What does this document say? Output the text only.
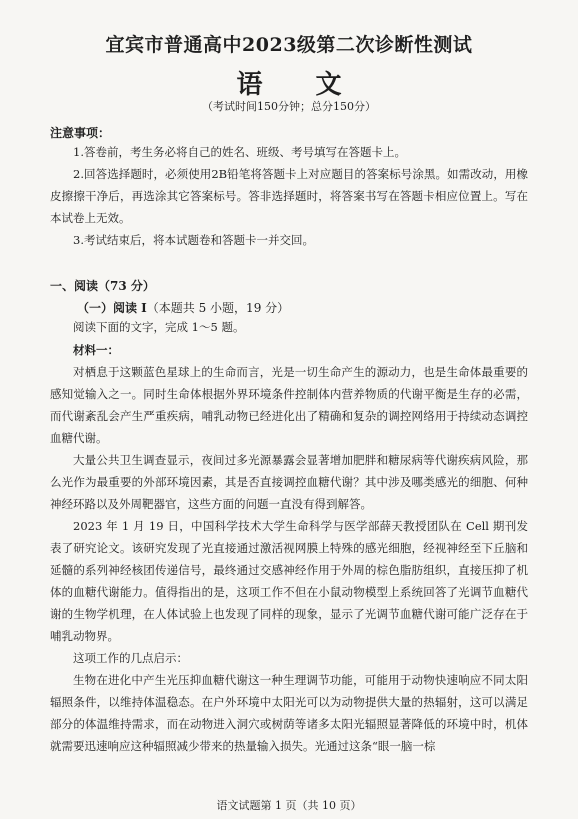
宜宾市普通高中2023级第二次诊断性测试
语 文
（考试时间150分钟；总分150分）
注意事项：
1.答卷前，考生务必将自己的姓名、班级、考号填写在答题卡上。
2.回答选择题时，必须使用2B铅笔将答题卡上对应题目的答案标号涂黑。如需改动，用橡皮擦擦干净后，再选涂其它答案标号。答非选择题时，将答案书写在答题卡相应位置上。写在本试卷上无效。
3.考试结束后，将本试题卷和答题卡一并交回。
一、阅读（73 分）
（一）阅读 I（本题共 5 小题，19 分）
阅读下面的文字，完成 1～5 题。
材料一：
对栖息于这颗蓝色星球上的生命而言，光是一切生命产生的源动力，也是生命体最重要的感知觉输入之一。同时生命体根据外界环境条件控制体内营养物质的代谢平衡是生存的必需，而代谢紊乱会产生严重疾病，哺乳动物已经进化出了精确和复杂的调控网络用于持续动态调控血糖代谢。
大量公共卫生调查显示，夜间过多光源暴露会显著增加肥胖和糖尿病等代谢疾病风险，那么光作为最重要的外部环境因素，其是否直接调控血糖代谢？其中涉及哪类感光的细胞、何种神经环路以及外周靶器官，这些方面的问题一直没有得到解答。
2023 年 1 月 19 日，中国科学技术大学生命科学与医学部薛天教授团队在 Cell 期刊发表了研究论文。该研究发现了光直接通过激活视网膜上特殊的感光细胞，经视神经至下丘脑和延髓的系列神经核团传递信号，最终通过交感神经作用于外周的棕色脂肪组织，直接压抑了机体的血糖代谢能力。值得指出的是，这项工作不但在小鼠动物模型上系统回答了光调节血糖代谢的生物学机理，在人体试验上也发现了同样的现象，显示了光调节血糖代谢可能广泛存在于哺乳动物界。
这项工作的几点启示：
生物在进化中产生光压抑血糖代谢这一种生理调节功能，可能用于动物快速响应不同太阳辐照条件，以维持体温稳态。在户外环境中太阳光可以为动物提供大量的热辐射，这可以满足部分的体温维持需求，而在动物进入洞穴或树荫等诸多太阳光辐照显著降低的环境中时，机体就需要迅速响应这种辐照减少带来的热量输入损失。光通过这条“眼一脑一棕
语文试题第 1 页（共 10 页）
